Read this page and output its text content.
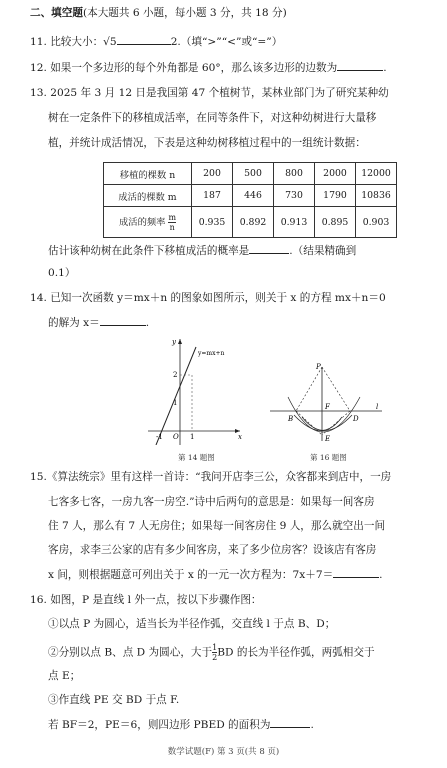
二、填空题(本大题共 6 小题，每小题 3 分，共 18 分)
11. 比较大小：√5	2.（填“>”“<”或“=”）
12. 如果一个多边形的每个外角都是 60°，那么该多边形的边数为	.
13. 2025 年 3 月 12 日是我国第 47 个植树节，某林业部门为了研究某种幼
树在一定条件下的移植成活率，在同等条件下，对这种幼树进行大量移
植，并统计成活情况，下表是这种幼树移植过程中的一组统计数据：
移植的棵数 n	200	500	800	2000	12000
成活的棵数 m	187	446	730	1790	10836
成活的频率 $\frac{m}{n}$	0.935	0.892	0.913	0.895	0.903
估计该种幼树在此条件下移植成活的概率是	.（结果精确到
0.1）
14. 已知一次函数 y＝mx＋n 的图象如图所示，则关于 x 的方程 mx＋n＝0
的解为 x＝	.
y=mx+n
y
x
2
1
-1 O 1
第 14 题图
P
F
B	D
E
l
第 16 题图
15.《算法统宗》里有这样一首诗：“我问开店李三公，众客都来到店中，一房
七客多七客，一房九客一房空.”诗中后两句的意思是：如果每一间客房
住 7 人，那么有 7 人无房住；如果每一间客房住 9 人，那么就空出一间
客房，求李三公家的店有多少间客房，来了多少位房客？设该店有客房
x 间，则根据题意可列出关于 x 的一元一次方程为：7x＋7＝	.
16. 如图，P 是直线 l 外一点，按以下步骤作图：
①以点 P 为圆心，适当长为半径作弧，交直线 l 于点 B、D；
②分别以点 B、点 D 为圆心，大于 $\frac{1}{2}$ BD 的长为半径作弧，两弧相交于
点 E；
③作直线 PE 交 BD 于点 F.
若 BF＝2，PE＝6，则四边形 PBED 的面积为	.
数学试题(F) 第 3 页(共 8 页)
